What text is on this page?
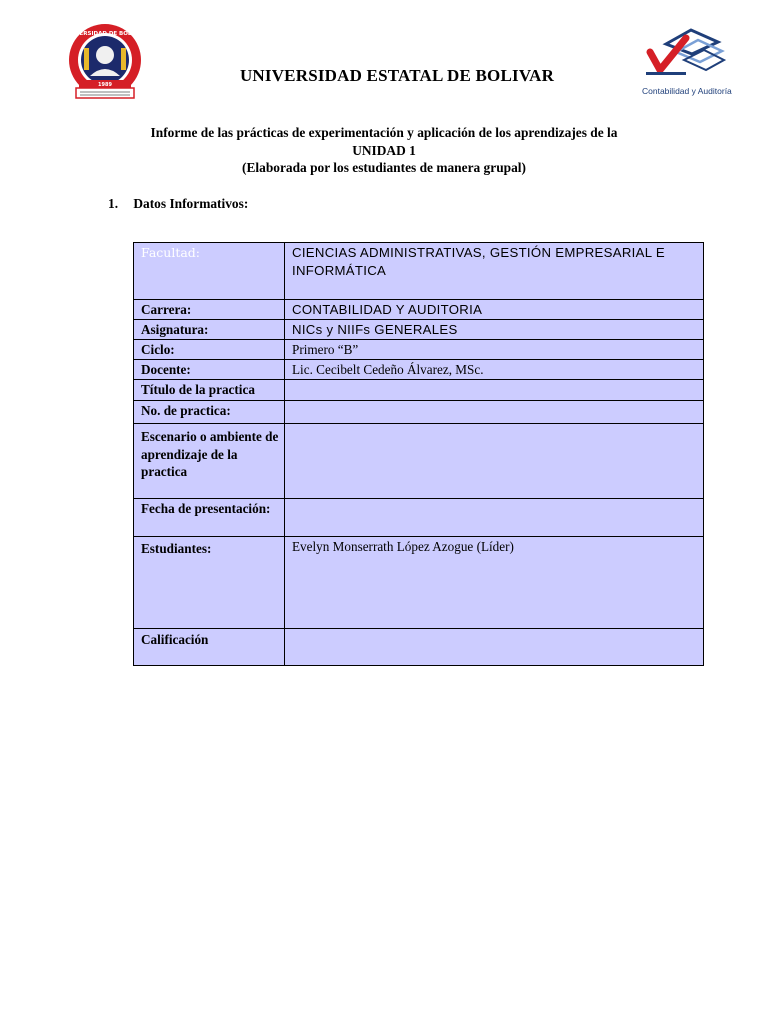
UNIVERSIDAD DE BOLIVAR
1989	UNIVERSIDAD ESTATAL DE BOLIVAR
Contabilidad y Auditoría
Informe de las prácticas de experimentación y aplicación de los aprendizajes de la
UNIDAD 1
(Elaborada por los estudiantes de manera grupal)
1. Datos Informativos:
Facultad:	CIENCIAS ADMINISTRATIVAS, GESTIÓN EMPRESARIAL E INFORMÁTICA
Carrera:	CONTABILIDAD Y AUDITORIA
Asignatura:	NICs y NIIFs GENERALES
Ciclo:	Primero “B”
Docente:	Lic. Cecibelt Cedeño Álvarez, MSc.
Título de la practica	
No. de practica:	
Escenario o ambiente de aprendizaje de la practica	
Fecha de presentación:	
Estudiantes:	Evelyn Monserrath López Azogue (Líder)
Calificación	
